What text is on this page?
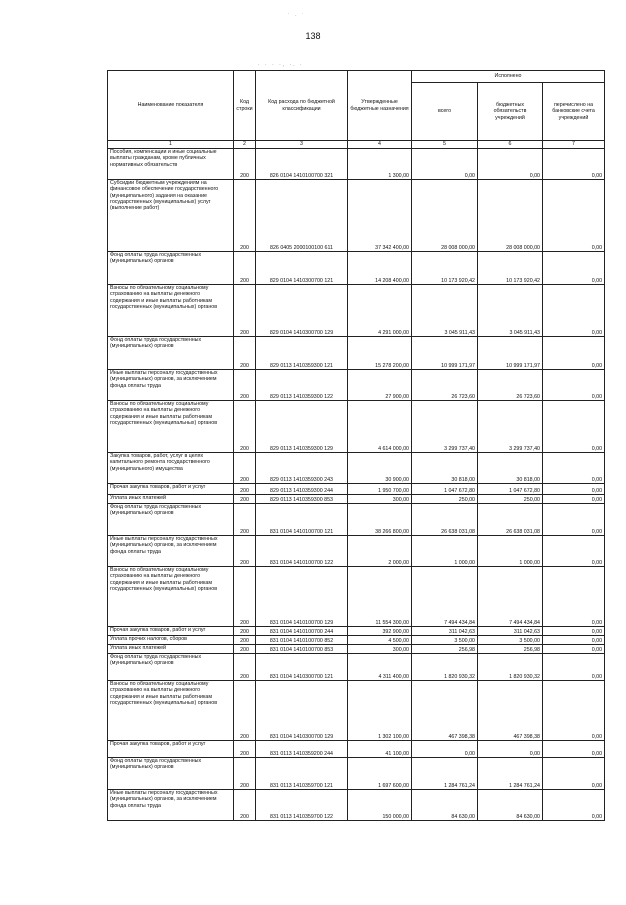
˙ · ˙
· · · ·, ·. ·
138
Наименование показателя	Код строки	Код расхода по бюджетной классификации	Утвержденные бюджетные назначения	Исполнено		
				всего	бюджетных обязательств учреждений	перечислено на банковские счета учреждений
1	2	3	4	5	6	7
Пособия, компенсации и иные социальные выплаты гражданам, кроме публичных нормативных обязательств	200	826 0104 1410100700 321	1 300,00	0,00	0,00	0,00
Субсидии бюджетным учреждениям на финансовое обеспечение государственного (муниципального) задания на оказание государственных (муниципальных) услуг (выполнение работ)	200	826 0405 2000100100 611	37 342 400,00	28 008 000,00	28 008 000,00	0,00
Фонд оплаты труда государственных (муниципальных) органов	200	829 0104 1410300700 121	14 208 400,00	10 173 920,42	10 173 920,42	0,00
Взносы по обязательному социальному страхованию на выплаты денежного содержания и иные выплаты работникам государственных (муниципальных) органов	200	829 0104 1410300700 129	4 291 000,00	3 045 911,43	3 045 911,43	0,00
Фонд оплаты труда государственных (муниципальных) органов	200	829 0113 1410359300 121	15 278 200,00	10 999 171,97	10 999 171,97	0,00
Иные выплаты персоналу государственных (муниципальных) органов, за исключением фонда оплаты труда	200	829 0113 1410359300 122	27 900,00	26 723,60	26 723,60	0,00
Взносы по обязательному социальному страхованию на выплаты денежного содержания и иные выплаты работникам государственных (муниципальных) органов	200	829 0113 1410359300 129	4 614 000,00	3 299 737,40	3 299 737,40	0,00
Закупка товаров, работ, услуг в целях капитального ремонта государственного (муниципального) имущества	200	829 0113 1410359300 243	30 900,00	30 818,00	30 818,00	0,00
Прочая закупка товаров, работ и услуг	200	829 0113 1410359300 244	1 950 700,00	1 047 672,80	1 047 672,80	0,00
Уплата иных платежей	200	829 0113 1410359300 853	300,00	250,00	250,00	0,00
Фонд оплаты труда государственных (муниципальных) органов	200	831 0104 1410100700 121	38 266 800,00	26 638 031,08	26 638 031,08	0,00
Иные выплаты персоналу государственных (муниципальных) органов, за исключением фонда оплаты труда	200	831 0104 1410100700 122	2 000,00	1 000,00	1 000,00	0,00
Взносы по обязательному социальному страхованию на выплаты денежного содержания и иные выплаты работникам государственных (муниципальных) органов	200	831 0104 1410100700 129	11 554 300,00	7 494 434,84	7 494 434,84	0,00
Прочая закупка товаров, работ и услуг	200	831 0104 1410100700 244	392 900,00	311 042,63	311 042,63	0,00
Уплата прочих налогов, сборов	200	831 0104 1410100700 852	4 500,00	3 500,00	3 500,00	0,00
Уплата иных платежей	200	831 0104 1410100700 853	300,00	256,98	256,98	0,00
Фонд оплаты труда государственных (муниципальных) органов	200	831 0104 1410300700 121	4 311 400,00	1 820 930,32	1 820 930,32	0,00
Взносы по обязательному социальному страхованию на выплаты денежного содержания и иные выплаты работникам государственных (муниципальных) органов	200	831 0104 1410300700 129	1 302 100,00	467 398,38	467 398,38	0,00
Прочая закупка товаров, работ и услуг	200	831 0113 1410359200 244	41 100,00	0,00	0,00	0,00
Фонд оплаты труда государственных (муниципальных) органов	200	831 0113 1410359700 121	1 697 600,00	1 284 761,24	1 284 761,24	0,00
Иные выплаты персоналу государственных (муниципальных) органов, за исключением фонда оплаты труда	200	831 0113 1410359700 122	150 000,00	84 630,00	84 630,00	0,00
